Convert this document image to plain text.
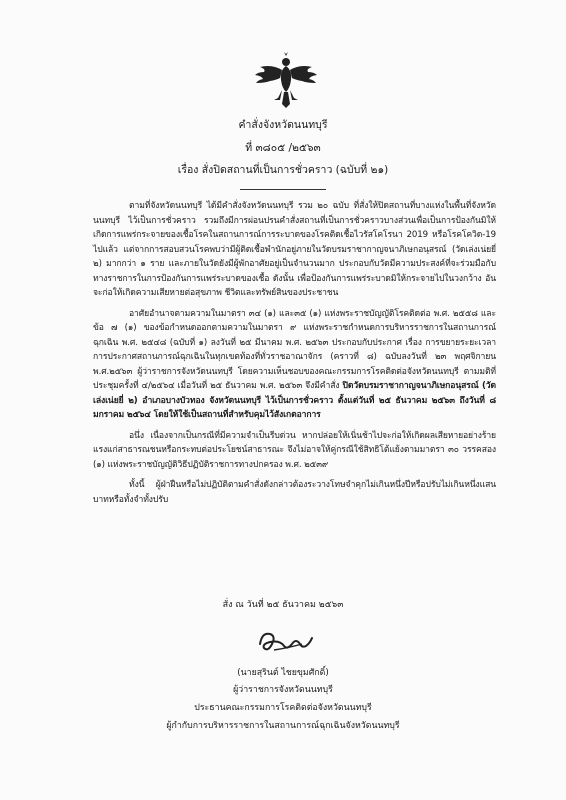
คำสั่งจังหวัดนนทบุรี
ที่ ๓๘๐๕ /๒๕๖๓
เรื่อง สั่งปิดสถานที่เป็นการชั่วคราว (ฉบับที่ ๒๑)

ตามที่จังหวัดนนทบุรี ได้มีคำสั่งจังหวัดนนทบุรี รวม ๒๐ ฉบับ ที่สั่งให้ปิดสถานที่บางแห่งในพื้นที่จังหวัดนนทบุรี ไว้เป็นการชั่วคราว รวมถึงมีการผ่อนปรนคำสั่งสถานที่เป็นการชั่วคราวบางส่วนเพื่อเป็นการป้องกันมิให้เกิดการแพร่กระจายของเชื้อโรคในสถานการณ์การระบาดของโรคติดเชื้อไวรัสโคโรนา 2019 หรือโรคโควิด-19 ไปแล้ว แต่จากการสอบสวนโรคพบว่ามีผู้ติดเชื้อพำนักอยู่ภายในวัดบรมราชากาญจนาภิเษกอนุสรณ์ (วัดเล่งเน่ยยี่ ๒) มากกว่า ๑ ราย และภายในวัดยังมีผู้พักอาศัยอยู่เป็นจำนวนมาก ประกอบกับวัดมีความประสงค์ที่จะร่วมมือกับทางราชการในการป้องกันการแพร่ระบาดของเชื้อ ดังนั้น เพื่อป้องกันการแพร่ระบาดมิให้กระจายไปในวงกว้าง อันจะก่อให้เกิดความเสียหายต่อสุขภาพ ชีวิตและทรัพย์สินของประชาชน

อาศัยอำนาจตามความในมาตรา ๓๔ (๑) และ๓๕ (๑) แห่งพระราชบัญญัติโรคติดต่อ พ.ศ. ๒๕๕๘ และข้อ ๗ (๑) ของข้อกำหนดออกตามความในมาตรา ๙ แห่งพระราชกำหนดการบริหารราชการในสถานการณ์ฉุกเฉิน พ.ศ. ๒๕๔๘ (ฉบับที่ ๑) ลงวันที่ ๒๕ มีนาคม พ.ศ. ๒๕๖๓ ประกอบกับประกาศ เรื่อง การขยายระยะเวลาการประกาศสถานการณ์ฉุกเฉินในทุกเขตท้องที่ทั่วราชอาณาจักร (คราวที่ ๘) ฉบับลงวันที่ ๒๓ พฤศจิกายน พ.ศ.๒๕๖๓ ผู้ว่าราชการจังหวัดนนทบุรี โดยความเห็นชอบของคณะกรรมการโรคติดต่อจังหวัดนนทบุรี ตามมติที่ประชุมครั้งที่ ๔/๒๕๖๔ เมื่อวันที่ ๒๕ ธันวาคม พ.ศ. ๒๕๖๓ จึงมีคำสั่ง ปิดวัดบรมราชากาญจนาภิเษกอนุสรณ์ (วัดเล่งเน่ยยี่ ๒) อำเภอบางบัวทอง จังหวัดนนทบุรี ไว้เป็นการชั่วคราว ตั้งแต่วันที่ ๒๕ ธันวาคม ๒๕๖๓ ถึงวันที่ ๘ มกราคม ๒๕๖๔ โดยให้ใช้เป็นสถานที่สำหรับคุมไว้สังเกตอาการ

อนึ่ง เนื่องจากเป็นกรณีที่มีความจำเป็นรีบด่วน หากปล่อยให้เนิ่นช้าไปจะก่อให้เกิดผลเสียหายอย่างร้ายแรงแก่สาธารณชนหรือกระทบต่อประโยชน์สาธารณะ จึงไม่อาจให้คู่กรณีใช้สิทธิโต้แย้งตามมาตรา ๓๐ วรรคสอง (๑) แห่งพระราชบัญญัติวิธีปฏิบัติราชการทางปกครอง พ.ศ. ๒๕๓๙

ทั้งนี้ ผู้ฝ่าฝืนหรือไม่ปฏิบัติตามคำสั่งดังกล่าวต้องระวางโทษจำคุกไม่เกินหนึ่งปีหรือปรับไม่เกินหนึ่งแสนบาทหรือทั้งจำทั้งปรับ

สั่ง ณ วันที่ ๒๕ ธันวาคม ๒๕๖๓
(นายสุรินต์ ไชยขุมศักดิ์)
ผู้ว่าราชการจังหวัดนนทบุรี
ประธานคณะกรรมการโรคติดต่อจังหวัดนนทบุรี
ผู้กำกับการบริหารราชการในสถานการณ์ฉุกเฉินจังหวัดนนทบุรี
